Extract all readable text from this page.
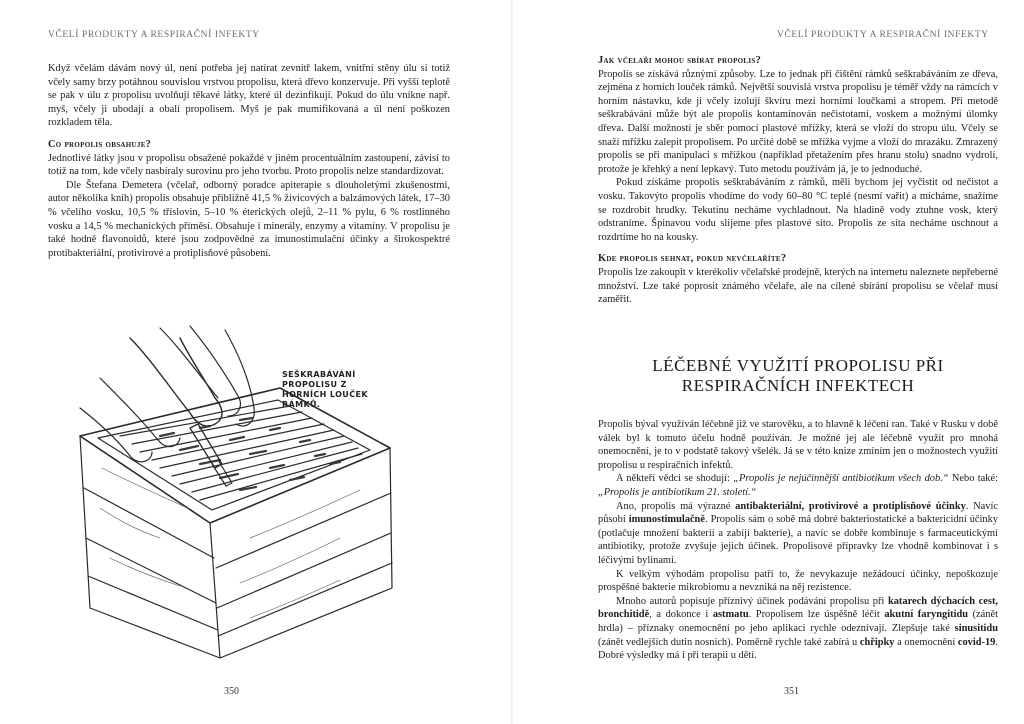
VČELÍ PRODUKTY A RESPIRAČNÍ INFEKTY

Když včelám dávám nový úl, není potřeba jej natírat zevnitř lakem, vnitřní stěny úlu si totiž včely samy brzy potáhnou souvislou vrstvou propolisu, která dřevo konzervuje. Při vyšší teplotě se pak v úlu z propolisu uvolňují těkavé látky, které úl dezinfikují. Pokud do úlu vnikne např. myš, včely ji ubodají a obalí propolisem. Myš je pak mumifikovaná a úl není poškozen rozkladem těla.

Co propolis obsahuje?

Jednotlivé látky jsou v propolisu obsažené pokaždé v jiném procentuálním zastoupení, závisí to totiž na tom, kde včely nasbíraly surovinu pro jeho tvorbu. Proto propolis nelze standardizovat.

Dle Štefana Demetera (včelař, odborný poradce apiterapie s dlouholetými zkušenostmi, autor několika knih) propolis obsahuje přibližně 41,5 % živicových a balzámových látek, 17–30 % včelího vosku, 10,5 % tříslovin, 5–10 % éterických olejů, 2–11 % pylu, 6 % rostlinného vosku a 14,5 % mechanických příměsí. Obsahuje i minerály, enzymy a vitamíny. V propolisu je také hodně flavonoidů, které jsou zodpovědné za imunostimulační účinky a širokospektré protibakteriální, protivirové a protiplísňové působení.

SEŠKRABÁVÁNÍ PROPOLISU Z HORNÍCH LOUČEK RÁMKŮ.
350
VČELÍ PRODUKTY A RESPIRAČNÍ INFEKTY
Jak včelaři mohou sbírat propolis?

Propolis se získává různými způsoby. Lze to jednak při čištění rámků seškrabáváním ze dřeva, zejména z horních louček rámků. Největší souvislá vrstva propolisu je téměř vždy na rámcích v horním nástavku, kde ji včely izolují škvíru mezi horními loučkami a stropem. Při metodě seškrabávání může být ale propolis kontaminován nečistotami, voskem a možnými úlomky dřeva. Další možností je sběr pomocí plastové mřížky, která se vloží do stropu úlu. Včely se snaží mřížku zalepit propolisem. Po určité době se mřížka vyjme a vloží do mrazáku. Zmrazený propolis se při manipulaci s mřížkou (například přetažením přes hranu stolu) snadno vydrolí, protože je křehký a není lepkavý. Tuto metodu používám já, je to jednoduché.

Pokud získáme propolis seškrabáváním z rámků, měli bychom jej vyčistit od nečistot a vosku. Takovýto propolis vhodíme do vody 60–80 °C teplé (nesmí vařit) a mícháme, snažíme se rozdrobit hrudky. Tekutinu necháme vychladnout. Na hladině vody ztuhne vosk, který odstraníme. Špinavou vodu slijeme přes plastové síto. Propolis ze síta necháme uschnout a rozdrtíme ho na kousky.

Kde propolis sehnat, pokud nevčelaříte?

Propolis lze zakoupit v kterékoliv včelařské prodejně, kterých na internetu naleznete nepřeberné množství. Lze také poprosit známého včelaře, ale na cílené sbírání propolisu se včelař musí zaměřit.

LÉČEBNÉ VYUŽITÍ PROPOLISU PŘI
RESPIRAČNÍCH INFEKTECH

Propolis býval využíván léčebně již ve starověku, a to hlavně k léčení ran. Také v Rusku v době válek byl k tomuto účelu hodně používán. Je možné jej ale léčebně využít pro mnohá onemocnění, je to v podstatě takový všelék. Já se v této knize zmíním jen o možnostech využití propolisu u respiračních infektů.

A někteří vědci se shodují: „Propolis je nejúčinnější antibiotikum všech dob.“ Nebo také: „Propolis je antibiotikum 21. století.“

Ano, propolis má výrazné antibakteriální, protivirové a protiplísňové účinky. Navíc působí imunostimulačně. Propolis sám o sobě má dobré bakteriostatické a baktericidní účinky (potlačuje množení bakterií a zabíjí bakterie), a navíc se dobře kombinuje s farmaceutickými antibiotiky, protože zvyšuje jejich účinek. Propolisové přípravky lze vhodně kombinovat i s léčivými bylinami.

K velkým výhodám propolisu patří to, že nevykazuje nežádoucí účinky, nepoškozuje prospěšné bakterie mikrobiomu a nevzniká na něj rezistence.

Mnoho autorů popisuje příznivý účinek podávání propolisu při katarech dýchacích cest, bronchitidě, a dokonce i astmatu. Propolisem lze úspěšně léčit akutní faryngitidu (zánět hrdla) – příznaky onemocnění po jeho aplikaci rychle odeznívají. Zlepšuje také sinusitidu (zánět vedlejších dutin nosních). Poměrně rychle také zabírá u chřipky a onemocnění covid-19. Dobré výsledky má i při terapii u dětí.

351
